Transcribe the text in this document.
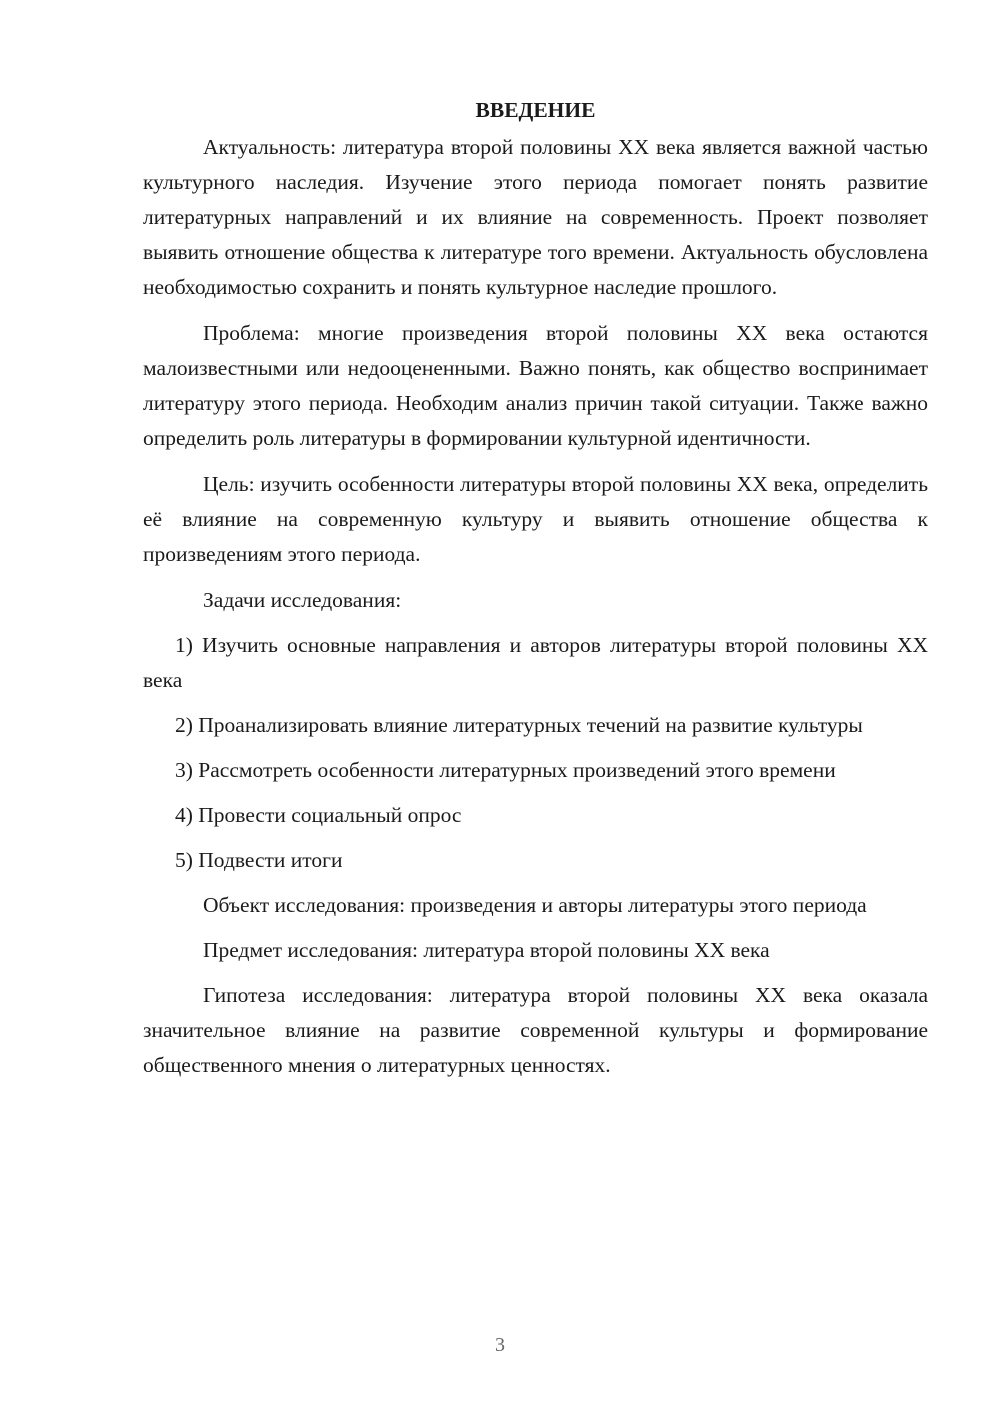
ВВЕДЕНИЕ

Актуальность: литература второй половины XX века является важной частью культурного наследия. Изучение этого периода помогает понять развитие литературных направлений и их влияние на современность. Проект позволяет выявить отношение общества к литературе того времени. Актуальность обусловлена необходимостью сохранить и понять культурное наследие прошлого.

Проблема: многие произведения второй половины XX века остаются малоизвестными или недооцененными. Важно понять, как общество воспринимает литературу этого периода. Необходим анализ причин такой ситуации. Также важно определить роль литературы в формировании культурной идентичности.

Цель: изучить особенности литературы второй половины XX века, определить её влияние на современную культуру и выявить отношение общества к произведениям этого периода.

Задачи исследования:

1) Изучить основные направления и авторов литературы второй половины XX века

2) Проанализировать влияние литературных течений на развитие культуры

3) Рассмотреть особенности литературных произведений этого времени

4) Провести социальный опрос

5) Подвести итоги

Объект исследования: произведения и авторы литературы этого периода

Предмет исследования: литература второй половины XX века

Гипотеза исследования: литература второй половины XX века оказала значительное влияние на развитие современной культуры и формирование общественного мнения о литературных ценностях.

3
